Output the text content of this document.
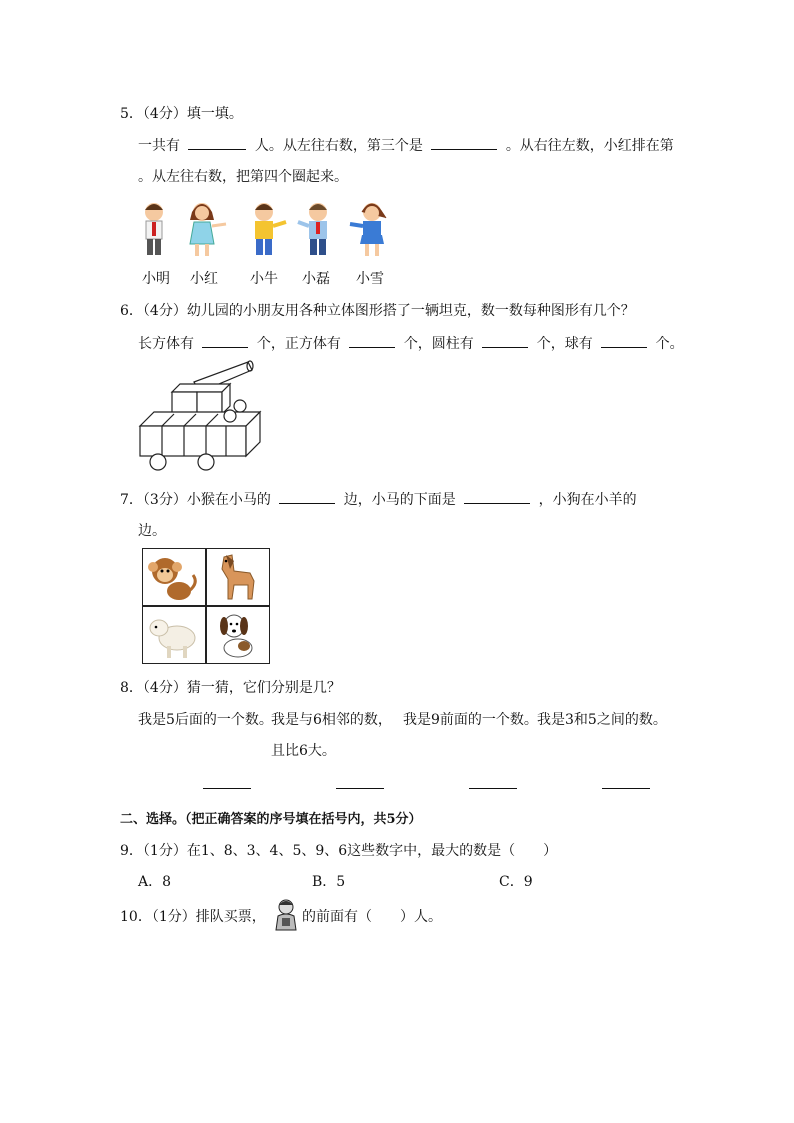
5．（4分）填一填。
一共有	人。从左往右数，第三个是	。从右往左数，小红排在第
。从左往右数，把第四个圈起来。
小明 小红 小牛 小磊 小雪
6．（4分）幼儿园的小朋友用各种立体图形搭了一辆坦克，数一数每种图形有几个？
长方体有	个，正方体有	个，圆柱有	个，球有	个。
7．（3分）小猴在小马的	边，小马的下面是	，小狗在小羊的
边。
8．（4分）猜一猜，它们分别是几？
我是5后面的一个数。
我是与6相邻的数， 我是9前面的一个数。 我是3和5之间的数。
且比6大。
二、选择。（把正确答案的序号填在括号内，共5分）
9．（1分）在1、8、3、4、5、9、6这些数字中，最大的数是（　　）
A．8	B．5	C．9
10．（1分）排队买票，	的前面有（　　）人。
